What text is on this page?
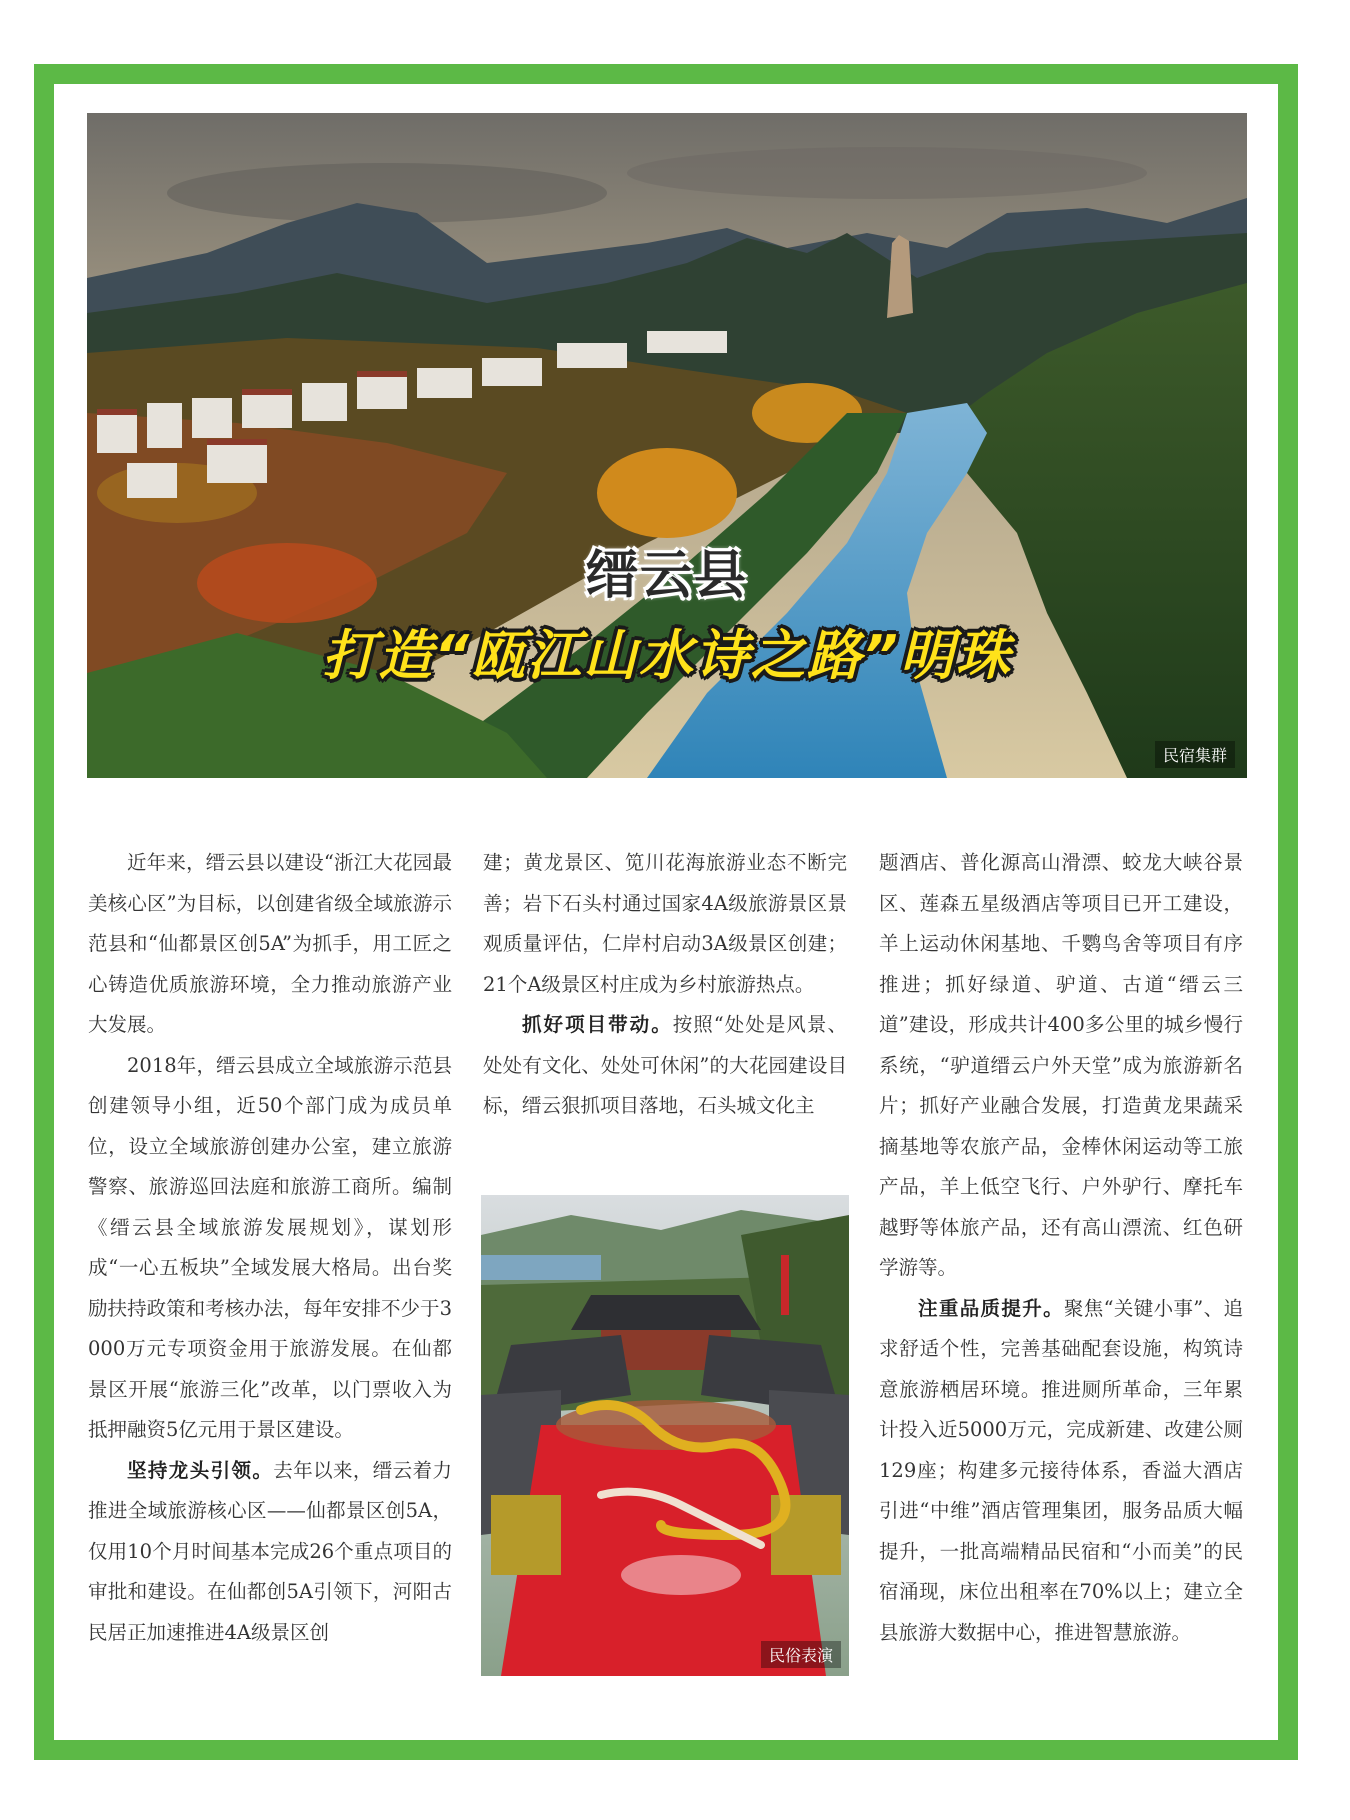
缙云县
打造“瓯江山水诗之路”明珠
民宿集群

近年来，缙云县以建设“浙江大花园最美核心区”为目标，以创建省级全域旅游示范县和“仙都景区创5A”为抓手，用工匠之心铸造优质旅游环境，全力推动旅游产业大发展。

2018年，缙云县成立全域旅游示范县创建领导小组，近50个部门成为成员单位，设立全域旅游创建办公室，建立旅游警察、旅游巡回法庭和旅游工商所。编制《缙云县全域旅游发展规划》，谋划形成“一心五板块”全域发展大格局。出台奖励扶持政策和考核办法，每年安排不少于3000万元专项资金用于旅游发展。在仙都景区开展“旅游三化”改革，以门票收入为抵押融资5亿元用于景区建设。

坚持龙头引领。去年以来，缙云着力推进全域旅游核心区——仙都景区创5A，仅用10个月时间基本完成26个重点项目的审批和建设。在仙都创5A引领下，河阳古民居正加速推进4A级景区创

建；黄龙景区、笕川花海旅游业态不断完善；岩下石头村通过国家4A级旅游景区景观质量评估，仁岸村启动3A级景区创建；21个A级景区村庄成为乡村旅游热点。

抓好项目带动。按照“处处是风景、处处有文化、处处可休闲”的大花园建设目标，缙云狠抓项目落地，石头城文化主

民俗表演

题酒店、普化源高山滑漂、蛟龙大峡谷景区、莲森五星级酒店等项目已开工建设，羊上运动休闲基地、千鹦鸟舍等项目有序推进；抓好绿道、驴道、古道“缙云三道”建设，形成共计400多公里的城乡慢行系统，“驴道缙云户外天堂”成为旅游新名片；抓好产业融合发展，打造黄龙果蔬采摘基地等农旅产品，金棒休闲运动等工旅产品，羊上低空飞行、户外驴行、摩托车越野等体旅产品，还有高山漂流、红色研学游等。

注重品质提升。聚焦“关键小事”、追求舒适个性，完善基础配套设施，构筑诗意旅游栖居环境。推进厕所革命，三年累计投入近5000万元，完成新建、改建公厕129座；构建多元接待体系，香溢大酒店引进“中维”酒店管理集团，服务品质大幅提升，一批高端精品民宿和“小而美”的民宿涌现，床位出租率在70%以上；建立全县旅游大数据中心，推进智慧旅游。
